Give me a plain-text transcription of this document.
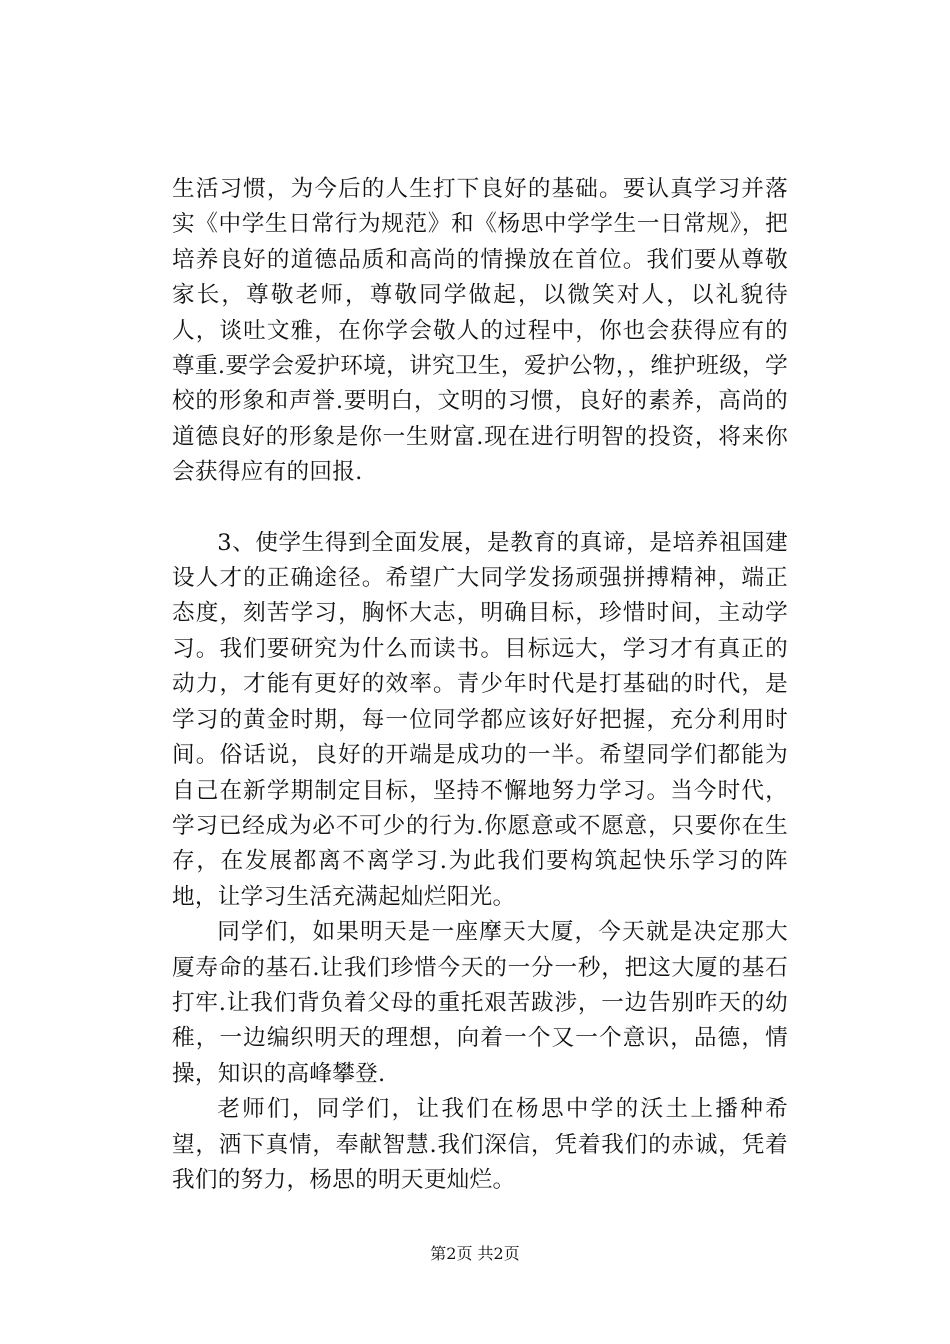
生活习惯，为今后的人生打下良好的基础。要认真学习并落实《中学生日常行为规范》和《杨思中学学生一日常规》，把培养良好的道德品质和高尚的情操放在首位。我们要从尊敬家长，尊敬老师，尊敬同学做起，以微笑对人，以礼貌待人，谈吐文雅，在你学会敬人的过程中，你也会获得应有的尊重.要学会爱护环境，讲究卫生，爱护公物，，维护班级，学校的形象和声誉.要明白，文明的习惯，良好的素养，高尚的道德良好的形象是你一生财富.现在进行明智的投资，将来你会获得应有的回报.

3、使学生得到全面发展，是教育的真谛，是培养祖国建设人才的正确途径。希望广大同学发扬顽强拼搏精神，端正态度，刻苦学习，胸怀大志，明确目标，珍惜时间，主动学习。我们要研究为什么而读书。目标远大，学习才有真正的动力，才能有更好的效率。青少年时代是打基础的时代，是学习的黄金时期，每一位同学都应该好好把握，充分利用时间。俗话说，良好的开端是成功的一半。希望同学们都能为自己在新学期制定目标，坚持不懈地努力学习。当今时代，学习已经成为必不可少的行为.你愿意或不愿意，只要你在生存，在发展都离不离学习.为此我们要构筑起快乐学习的阵地，让学习生活充满起灿烂阳光。

同学们，如果明天是一座摩天大厦，今天就是决定那大厦寿命的基石.让我们珍惜今天的一分一秒，把这大厦的基石打牢.让我们背负着父母的重托艰苦跋涉，一边告别昨天的幼稚，一边编织明天的理想，向着一个又一个意识，品德，情操，知识的高峰攀登.

老师们，同学们，让我们在杨思中学的沃土上播种希望，洒下真情，奉献智慧.我们深信，凭着我们的赤诚，凭着我们的努力，杨思的明天更灿烂。

第2页 共2页
